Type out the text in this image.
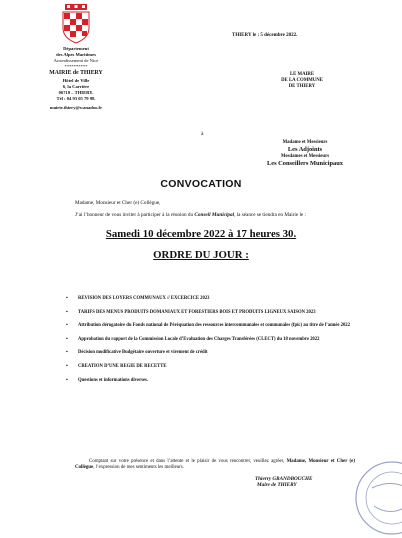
Département
des Alpes Maritimes
Arrondissement de Nice
**********
MAIRIE de THIERY
Hôtel de Ville
6, la Carrière
06710 – THIERY.
Tél : 04 93 05 79 98.
mairie.thiery@wanadoo.fr
THIERY le : 5 décembre 2022.
LE MAIRE
DE LA COMMUNE
DE THIERY
à
Madame et Messieurs
Les Adjoints
Mesdames et Messieurs
Les Conseillers Municipaux
CONVOCATION
Madame, Monsieur et Cher (e) Collègue,
J’ai l’honneur de vous inviter à participer à la réunion du Conseil Municipal, la séance se tiendra en Mairie le :
Samedi 10 décembre 2022 à 17 heures 30.
ORDRE DU JOUR :
▪ REVISION DES LOYERS COMMUNAUX // EXCERCICE 2023
▪ TARIFS DES MENUS PRODUITS DOMANIAUX ET FORESTIERS BOIS ET PRODUITS LIGNEUX SAISON 2023
▪ Attribution dérogatoire du Fonds national de Péréquation des ressources intercommunales et communales (fpic) au titre de l’année 2022
▪ Approbation du rapport de la Commission Locale d’Evaluation des Charges Transférées (CLECT) du 18 novembre 2022
▪ Décision modificative Budgétaire ouverture et virement de crédit
▪ CREATION D’UNE REGIE DE RECETTE
▪ Questions et informations diverses.
Comptant sur votre présence et dans l’attente et le plaisir de vous rencontrer, veuillez agréer, Madame, Monsieur et Cher (e) Collègue, l’expression de mes sentiments les meilleurs.
Thierry GRANDBOUCHE
Maire de THIERY
